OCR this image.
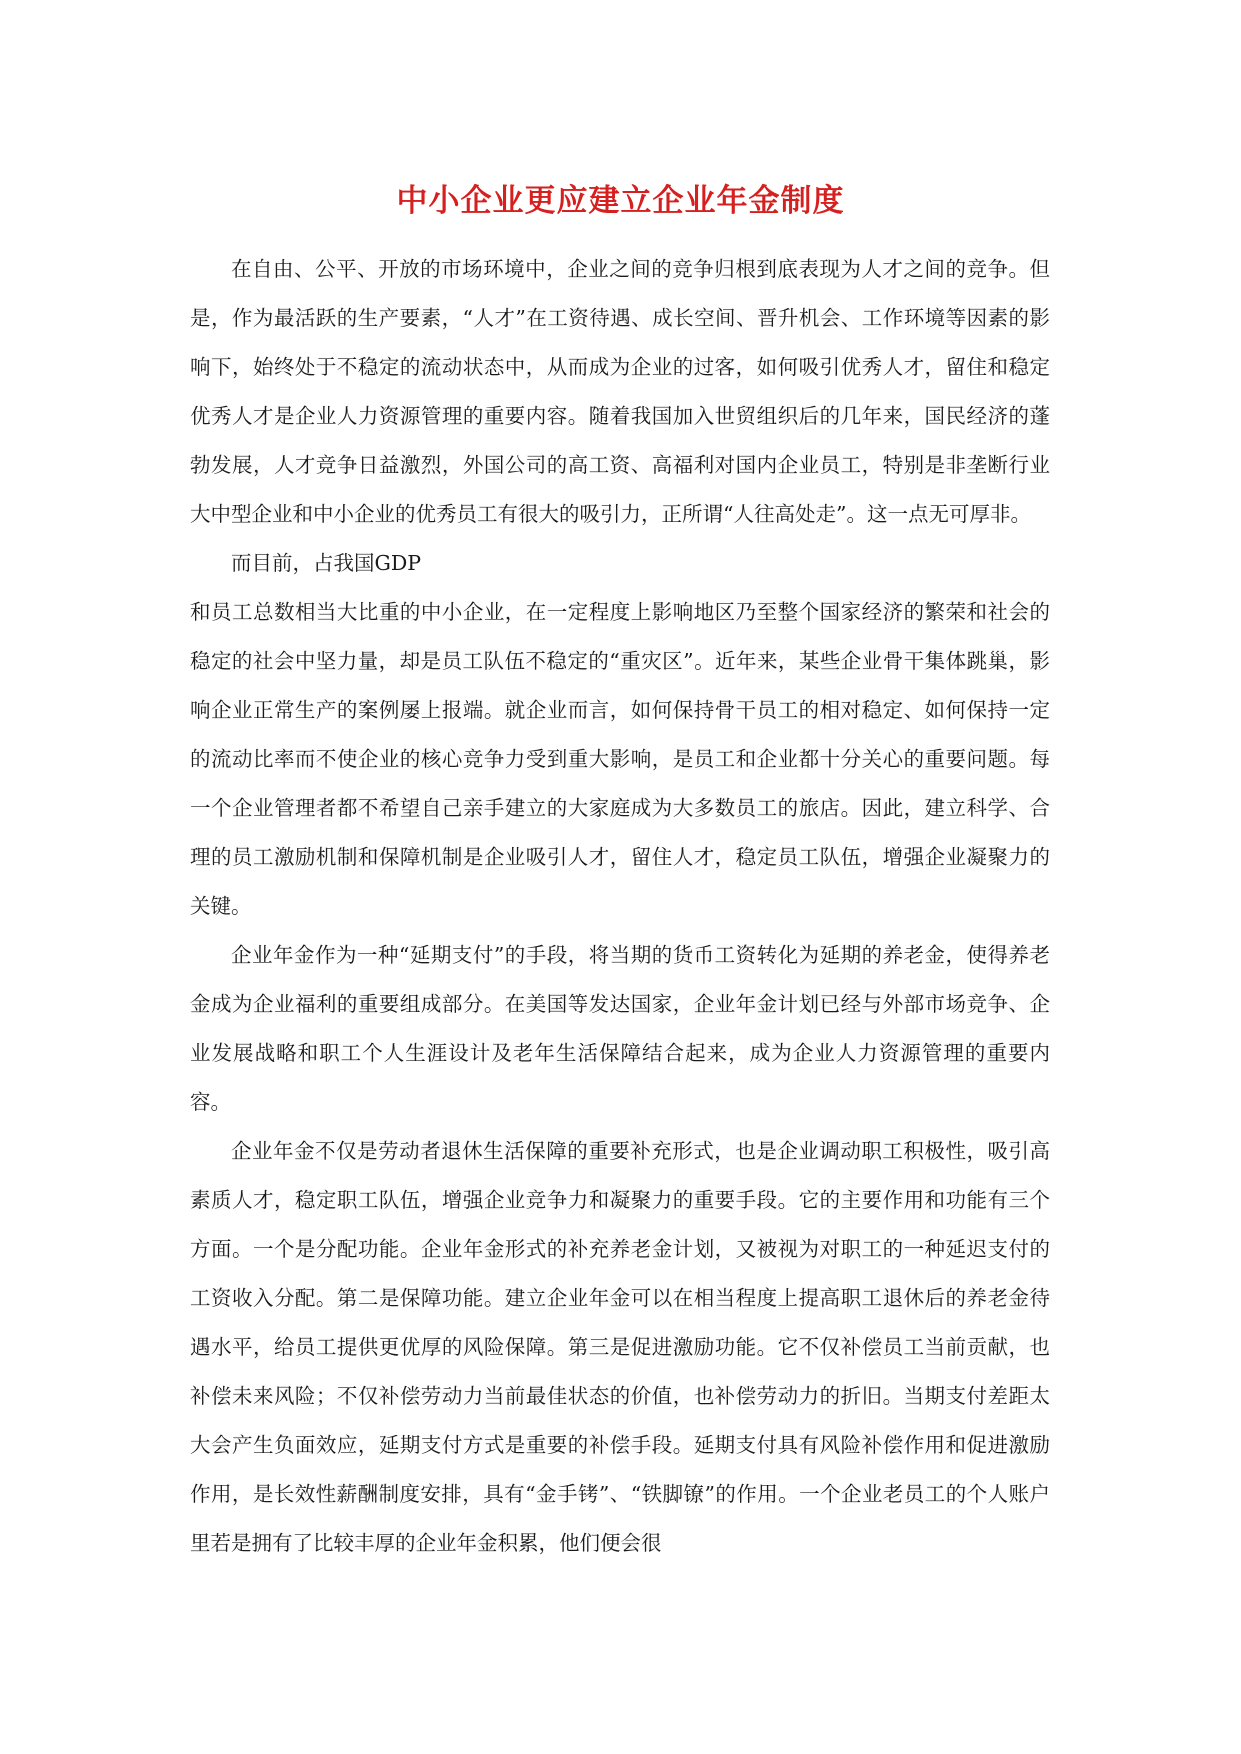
中小企业更应建立企业年金制度

在自由、公平、开放的市场环境中，企业之间的竞争归根到底表现为人才之间的竞争。但是，作为最活跃的生产要素，“人才”在工资待遇、成长空间、晋升机会、工作环境等因素的影响下，始终处于不稳定的流动状态中，从而成为企业的过客，如何吸引优秀人才，留住和稳定优秀人才是企业人力资源管理的重要内容。随着我国加入世贸组织后的几年来，国民经济的蓬勃发展，人才竞争日益激烈，外国公司的高工资、高福利对国内企业员工，特别是非垄断行业大中型企业和中小企业的优秀员工有很大的吸引力，正所谓“人往高处走”。这一点无可厚非。

而目前，占我国GDP

和员工总数相当大比重的中小企业，在一定程度上影响地区乃至整个国家经济的繁荣和社会的稳定的社会中坚力量，却是员工队伍不稳定的“重灾区”。近年来，某些企业骨干集体跳巢，影响企业正常生产的案例屡上报端。就企业而言，如何保持骨干员工的相对稳定、如何保持一定的流动比率而不使企业的核心竞争力受到重大影响，是员工和企业都十分关心的重要问题。每一个企业管理者都不希望自己亲手建立的大家庭成为大多数员工的旅店。因此，建立科学、合理的员工激励机制和保障机制是企业吸引人才，留住人才，稳定员工队伍，增强企业凝聚力的关键。

企业年金作为一种“延期支付”的手段，将当期的货币工资转化为延期的养老金，使得养老金成为企业福利的重要组成部分。在美国等发达国家，企业年金计划已经与外部市场竞争、企业发展战略和职工个人生涯设计及老年生活保障结合起来，成为企业人力资源管理的重要内容。

企业年金不仅是劳动者退休生活保障的重要补充形式，也是企业调动职工积极性，吸引高素质人才，稳定职工队伍，增强企业竞争力和凝聚力的重要手段。它的主要作用和功能有三个方面。一个是分配功能。企业年金形式的补充养老金计划，又被视为对职工的一种延迟支付的工资收入分配。第二是保障功能。建立企业年金可以在相当程度上提高职工退休后的养老金待遇水平，给员工提供更优厚的风险保障。第三是促进激励功能。它不仅补偿员工当前贡献，也补偿未来风险；不仅补偿劳动力当前最佳状态的价值，也补偿劳动力的折旧。当期支付差距太大会产生负面效应，延期支付方式是重要的补偿手段。延期支付具有风险补偿作用和促进激励作用，是长效性薪酬制度安排，具有“金手铐”、“铁脚镣”的作用。一个企业老员工的个人账户里若是拥有了比较丰厚的企业年金积累，他们便会很
